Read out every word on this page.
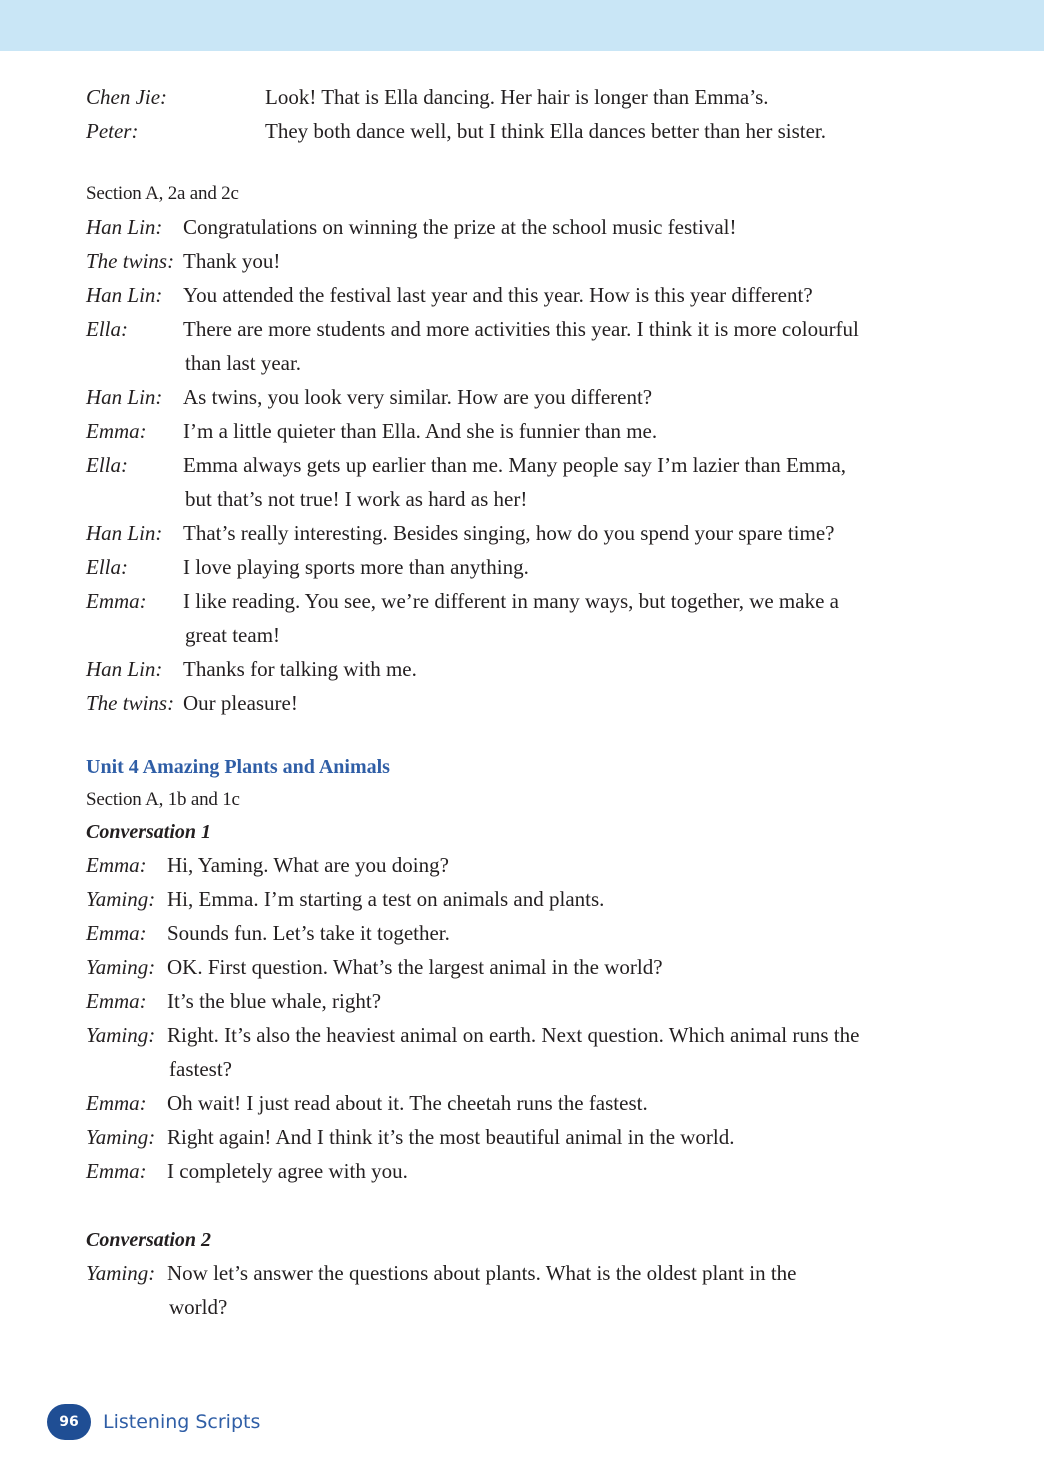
Chen Jie:	Look! That is Ella dancing. Her hair is longer than Emma’s.
Peter:	They both dance well, but I think Ella dances better than her sister.
Section A, 2a and 2c
Han Lin: Congratulations on winning the prize at the school music festival!
The twins: Thank you!
Han Lin: You attended the festival last year and this year. How is this year different?
Ella:	There are more students and more activities this year. I think it is more colourful
than last year.
Han Lin: As twins, you look very similar. How are you different?
Emma: I’m a little quieter than Ella. And she is funnier than me.
Ella:	Emma always gets up earlier than me. Many people say I’m lazier than Emma,
but that’s not true! I work as hard as her!
Han Lin: That’s really interesting. Besides singing, how do you spend your spare time?
Ella:	I love playing sports more than anything.
Emma: I like reading. You see, we’re different in many ways, but together, we make a
great team!
Han Lin: Thanks for talking with me.
The twins: Our pleasure!
Unit 4 Amazing Plants and Animals
Section A, 1b and 1c
Conversation 1
Emma: Hi, Yaming. What are you doing?
Yaming: Hi, Emma. I’m starting a test on animals and plants.
Emma: Sounds fun. Let’s take it together.
Yaming: OK. First question. What’s the largest animal in the world?
Emma: It’s the blue whale, right?
Yaming: Right. It’s also the heaviest animal on earth. Next question. Which animal runs the
fastest?
Emma: Oh wait! I just read about it. The cheetah runs the fastest.
Yaming: Right again! And I think it’s the most beautiful animal in the world.
Emma: I completely agree with you.
Conversation 2
Yaming: Now let’s answer the questions about plants. What is the oldest plant in the
world?
96	Listening Scripts
